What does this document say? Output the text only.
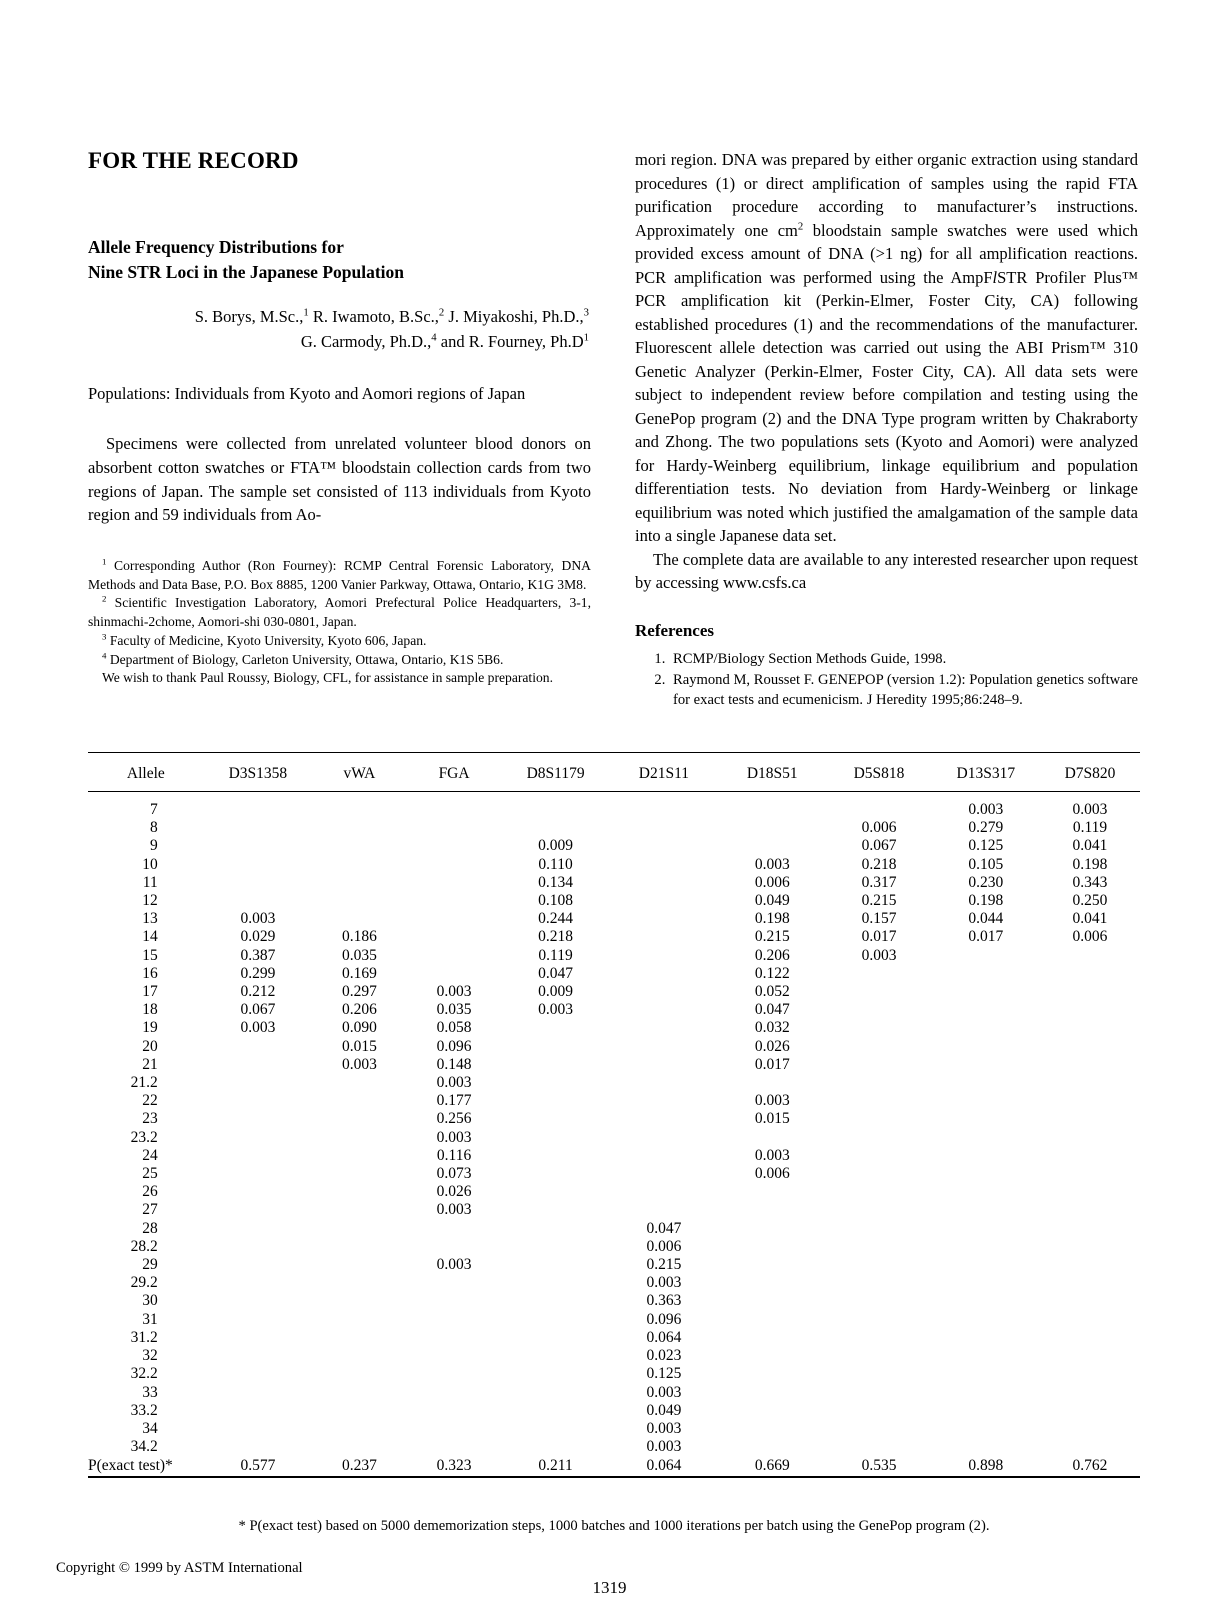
FOR THE RECORD
Allele Frequency Distributions for
Nine STR Loci in the Japanese Population
S. Borys, M.Sc.,$^1$ R. Iwamoto, B.Sc.,$^2$ J. Miyakoshi, Ph.D.,$^3$
G. Carmody, Ph.D.,$^4$ and R. Fourney, $Ph.D^1$

Populations: Individuals from Kyoto and Aomori regions of Japan

Specimens were collected from unrelated volunteer blood donors on absorbent cotton swatches or FTA™ bloodstain collection cards from two regions of Japan. The sample set consisted of 113 individuals from Kyoto region and 59 individuals from Ao-

$^1$ Corresponding Author (Ron Fourney): RCMP Central Forensic Laboratory, DNA Methods and Data Base, P.O. Box 8885, 1200 Vanier Parkway, Ottawa, Ontario, K1G 3M8.

$^2$ Scientific Investigation Laboratory, Aomori Prefectural Police Headquarters, 3-1, shinmachi-2chome, Aomori-shi 030-0801, Japan.

$^3$ Faculty of Medicine, Kyoto University, Kyoto 606, Japan.

$^4$ Department of Biology, Carleton University, Ottawa, Ontario, K1S 5B6.

We wish to thank Paul Roussy, Biology, CFL, for assistance in sample preparation.

mori region. DNA was prepared by either organic extraction using standard procedures (1) or direct amplification of samples using the rapid FTA purification procedure according to manufacturer’s instructions. Approximately one $cm^2$ bloodstain sample swatches were used which provided excess amount of DNA (>1 ng) for all amplification reactions. PCR amplification was performed using the AmpFlSTR Profiler Plus™ PCR amplification kit (Perkin-Elmer, Foster City, CA) following established procedures (1) and the recommendations of the manufacturer. Fluorescent allele detection was carried out using the ABI Prism™ 310 Genetic Analyzer (Perkin-Elmer, Foster City, CA). All data sets were subject to independent review before compilation and testing using the GenePop program (2) and the DNA Type program written by Chakraborty and Zhong. The two populations sets (Kyoto and Aomori) were analyzed for Hardy-Weinberg equilibrium, linkage equilibrium and population differentiation tests. No deviation from Hardy-Weinberg or linkage equilibrium was noted which justified the amalgamation of the sample data into a single Japanese data set.

The complete data are available to any interested researcher upon request by accessing www.csfs.ca

References
1. RCMP/Biology Section Methods Guide, 1998.
2. Raymond M, Rousset F. GENEPOP (version 1.2): Population genetics software for exact tests and ecumenicism. J Heredity 1995;86:248–9.
Allele	D3S1358	vWA	FGA	D8S1179	D21S11	D18S51	D5S818	D13S317	D7S820
7								0.003	0.003
8							0.006	0.279	0.119
9				0.009			0.067	0.125	0.041
10				0.110		0.003	0.218	0.105	0.198
11				0.134		0.006	0.317	0.230	0.343
12				0.108		0.049	0.215	0.198	0.250
13	0.003			0.244		0.198	0.157	0.044	0.041
14	0.029	0.186		0.218		0.215	0.017	0.017	0.006
15	0.387	0.035		0.119		0.206	0.003		
16	0.299	0.169		0.047		0.122			
17	0.212	0.297	0.003	0.009		0.052			
18	0.067	0.206	0.035	0.003		0.047			
19	0.003	0.090	0.058			0.032			
20		0.015	0.096			0.026			
21		0.003	0.148			0.017			
21.2			0.003						
22			0.177			0.003			
23			0.256			0.015			
23.2			0.003						
24			0.116			0.003			
25			0.073			0.006			
26			0.026						
27			0.003						
28					0.047				
28.2					0.006				
29			0.003		0.215				
29.2					0.003				
30					0.363				
31					0.096				
31.2					0.064				
32					0.023				
32.2					0.125				
33					0.003				
33.2					0.049				
34					0.003				
34.2					0.003				
P(exact test)*	0.577	0.237	0.323	0.211	0.064	0.669	0.535	0.898	0.762
* P(exact test) based on 5000 dememorization steps, 1000 batches and 1000 iterations per batch using the GenePop program (2).
Copyright © 1999 by ASTM International
1319
